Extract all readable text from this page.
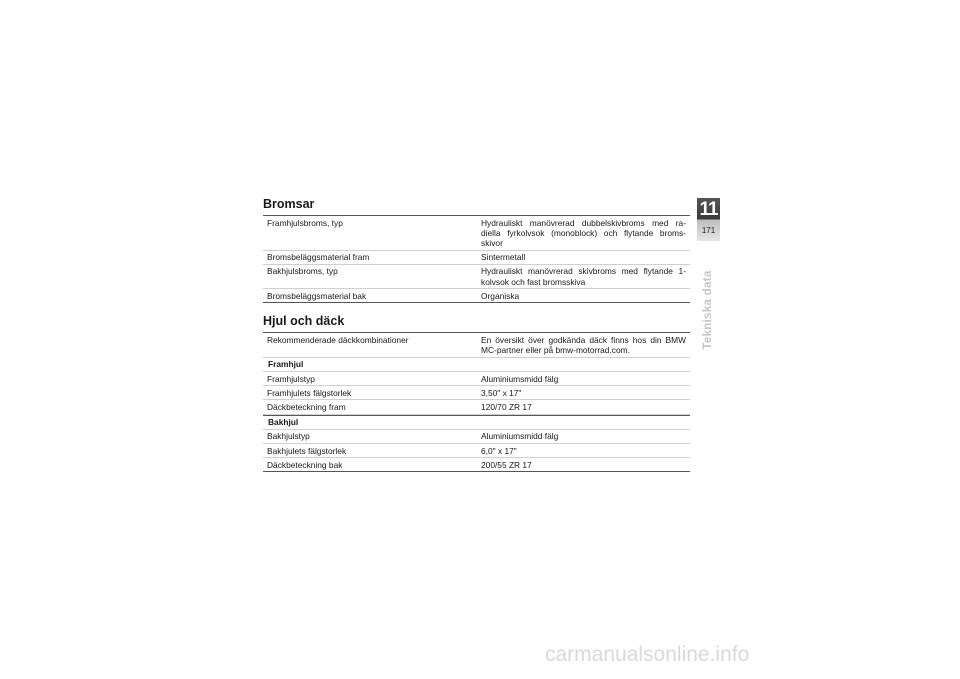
Bromsar
Framhjulsbroms, typ	Hydrauliskt manövrerad dubbelskivbroms med ra- diella fyrkolvsok (monoblock) och flytande broms- skivor
Bromsbeläggsmaterial fram	Sintermetall
Bakhjulsbroms, typ	Hydrauliskt manövrerad skivbroms med flytande 1-kolvsok och fast bromsskiva
Bromsbeläggsmaterial bak	Organiska
Hjul och däck
Rekommenderade däckkombinationer	En översikt över godkända däck finns hos din BMW MC-partner eller på bmw-motorrad.com.
Framhjul
Framhjulstyp	Aluminiumsmidd fälg
Framhjulets fälgstorlek	3,50" x 17"
Däckbeteckning fram	120/70 ZR 17
Bakhjul
Bakhjulstyp	Aluminiumsmidd fälg
Bakhjulets fälgstorlek	6,0" x 17"
Däckbeteckning bak	200/55 ZR 17
11
171
Tekniska data
carmanualsonline.info
